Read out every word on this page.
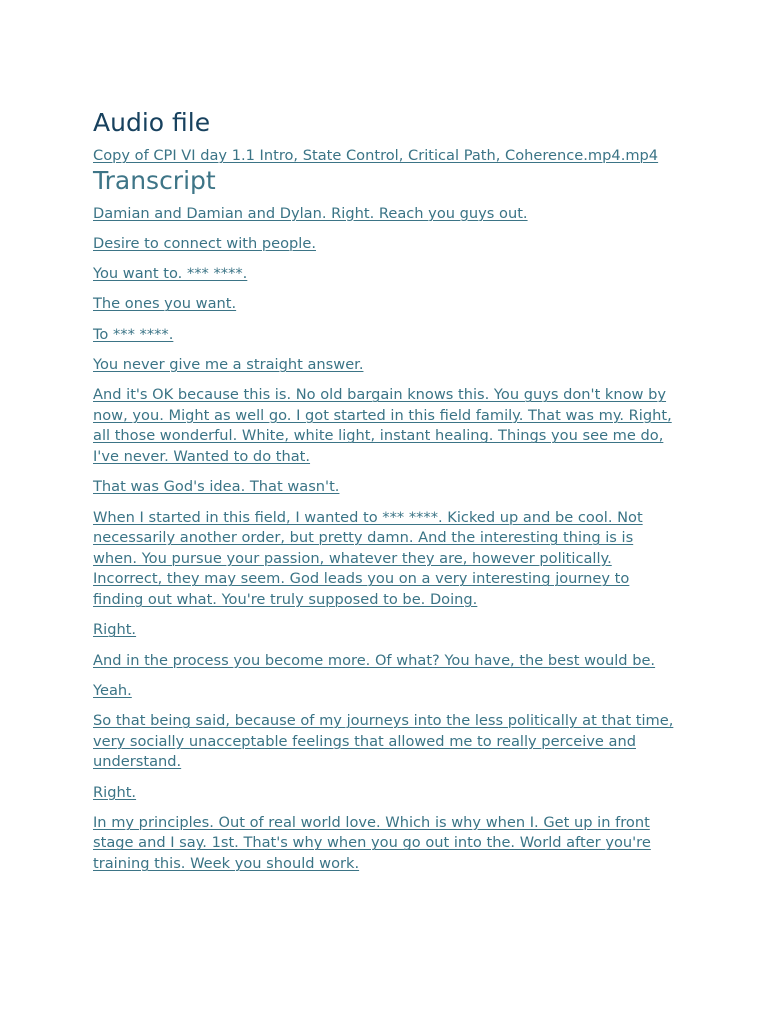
Audio file
Copy of CPI VI day 1.1 Intro, State Control, Critical Path, Coherence.mp4.mp4
Transcript
Damian and Damian and Dylan. Right. Reach you guys out.
Desire to connect with people.
You want to. *** ****.
The ones you want.
To *** ****.
You never give me a straight answer.
And it's OK because this is. No old bargain knows this. You guys don't know by now, you. Might as well go. I got started in this field family. That was my. Right, all those wonderful. White, white light, instant healing. Things you see me do, I've never. Wanted to do that.
That was God's idea. That wasn't.
When I started in this field, I wanted to *** ****. Kicked up and be cool. Not necessarily another order, but pretty damn. And the interesting thing is is when. You pursue your passion, whatever they are, however politically. Incorrect, they may seem. God leads you on a very interesting journey to finding out what. You're truly supposed to be. Doing.
Right.
And in the process you become more. Of what? You have, the best would be.
Yeah.
So that being said, because of my journeys into the less politically at that time, very socially unacceptable feelings that allowed me to really perceive and understand.
Right.
In my principles. Out of real world love. Which is why when I. Get up in front stage and I say. 1st. That's why when you go out into the. World after you're training this. Week you should work.
